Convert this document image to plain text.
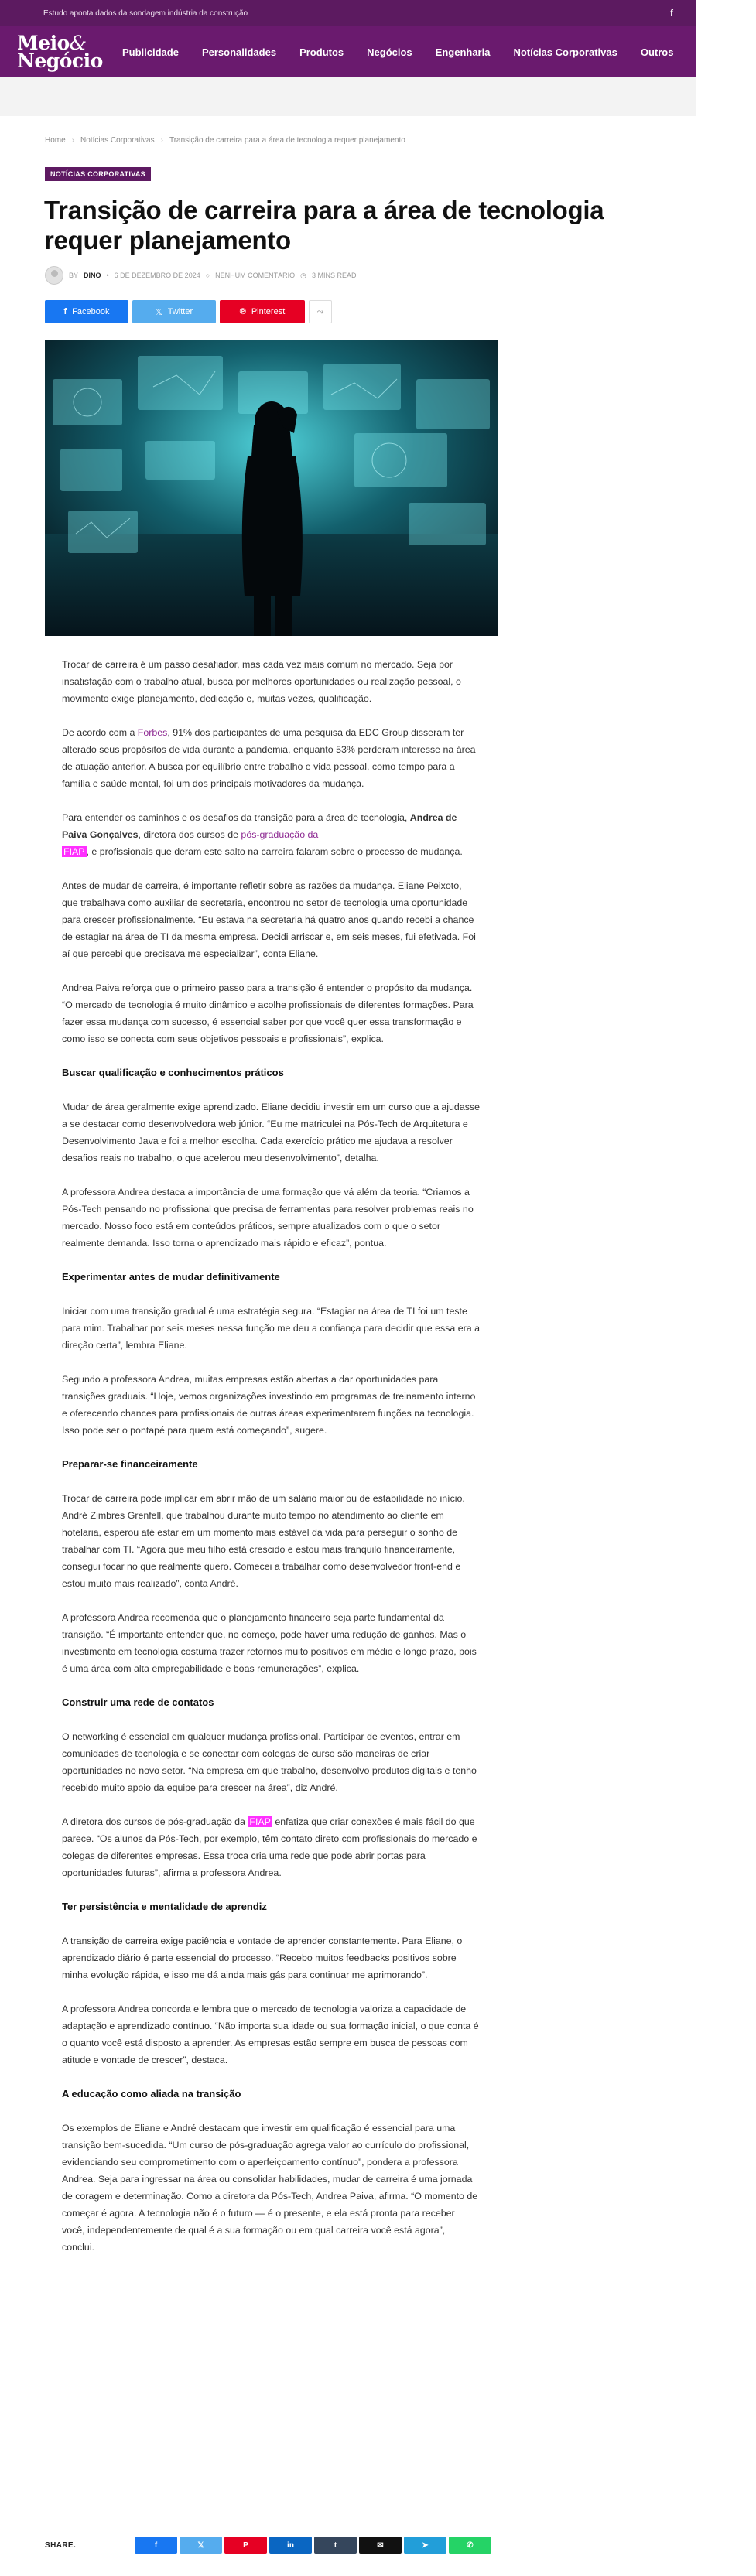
Estudo aponta dados da sondagem indústria da construção	f
Meio&
Negócio Publicidade Personalidades Produtos Negócios Engenharia Notícias Corporativas Outros Últimas
Home › Notícias Corporativas › Transição de carreira para a área de tecnologia requer planejamento
NOTÍCIAS CORPORATIVAS
Transição de carreira para a área de tecnologia requer planejamento
BY DINO • 6 DE DEZEMBRO DE 2024 ○ NENHUM COMENTÁRIO ◷ 3 MINS READ
f Facebook	𝕏 Twitter	℗ Pinterest	⤳

Trocar de carreira é um passo desafiador, mas cada vez mais comum no mercado. Seja por insatisfação com o trabalho atual, busca por melhores oportunidades ou realização pessoal, o movimento exige planejamento, dedicação e, muitas vezes, qualificação.

De acordo com a Forbes, 91% dos participantes de uma pesquisa da EDC Group disseram ter alterado seus propósitos de vida durante a pandemia, enquanto 53% perderam interesse na área de atuação anterior. A busca por equilíbrio entre trabalho e vida pessoal, como tempo para a família e saúde mental, foi um dos principais motivadores da mudança.

Para entender os caminhos e os desafios da transição para a área de tecnologia, Andrea de Paiva Gonçalves, diretora dos cursos de pós-graduação da
FIAP , e profissionais que deram este salto na carreira falaram sobre o processo de mudança.

Antes de mudar de carreira, é importante refletir sobre as razões da mudança. Eliane Peixoto, que trabalhava como auxiliar de secretaria, encontrou no setor de tecnologia uma oportunidade para crescer profissionalmente. “Eu estava na secretaria há quatro anos quando recebi a chance de estagiar na área de TI da mesma empresa. Decidi arriscar e, em seis meses, fui efetivada. Foi aí que percebi que precisava me especializar”, conta Eliane.

Andrea Paiva reforça que o primeiro passo para a transição é entender o propósito da mudança. “O mercado de tecnologia é muito dinâmico e acolhe profissionais de diferentes formações. Para fazer essa mudança com sucesso, é essencial saber por que você quer essa transformação e como isso se conecta com seus objetivos pessoais e profissionais”, explica.

Buscar qualificação e conhecimentos práticos

Mudar de área geralmente exige aprendizado. Eliane decidiu investir em um curso que a ajudasse a se destacar como desenvolvedora web júnior. “Eu me matriculei na Pós-Tech de Arquitetura e Desenvolvimento Java e foi a melhor escolha. Cada exercício prático me ajudava a resolver desafios reais no trabalho, o que acelerou meu desenvolvimento”, detalha.

A professora Andrea destaca a importância de uma formação que vá além da teoria. “Criamos a Pós-Tech pensando no profissional que precisa de ferramentas para resolver problemas reais no mercado. Nosso foco está em conteúdos práticos, sempre atualizados com o que o setor realmente demanda. Isso torna o aprendizado mais rápido e eficaz”, pontua.

Experimentar antes de mudar definitivamente

Iniciar com uma transição gradual é uma estratégia segura. “Estagiar na área de TI foi um teste para mim. Trabalhar por seis meses nessa função me deu a confiança para decidir que essa era a direção certa”, lembra Eliane.

Segundo a professora Andrea, muitas empresas estão abertas a dar oportunidades para transições graduais. “Hoje, vemos organizações investindo em programas de treinamento interno e oferecendo chances para profissionais de outras áreas experimentarem funções na tecnologia. Isso pode ser o pontapé para quem está começando”, sugere.

Preparar-se financeiramente

Trocar de carreira pode implicar em abrir mão de um salário maior ou de estabilidade no início. André Zimbres Grenfell, que trabalhou durante muito tempo no atendimento ao cliente em hotelaria, esperou até estar em um momento mais estável da vida para perseguir o sonho de trabalhar com TI. “Agora que meu filho está crescido e estou mais tranquilo financeiramente, consegui focar no que realmente quero. Comecei a trabalhar como desenvolvedor front-end e estou muito mais realizado”, conta André.

A professora Andrea recomenda que o planejamento financeiro seja parte fundamental da transição. “É importante entender que, no começo, pode haver uma redução de ganhos. Mas o investimento em tecnologia costuma trazer retornos muito positivos em médio e longo prazo, pois é uma área com alta empregabilidade e boas remunerações”, explica.

Construir uma rede de contatos

O networking é essencial em qualquer mudança profissional. Participar de eventos, entrar em comunidades de tecnologia e se conectar com colegas de curso são maneiras de criar oportunidades no novo setor. “Na empresa em que trabalho, desenvolvo produtos digitais e tenho recebido muito apoio da equipe para crescer na área”, diz André.

A diretora dos cursos de pós-graduação da FIAP enfatiza que criar conexões é mais fácil do que parece. “Os alunos da Pós-Tech, por exemplo, têm contato direto com profissionais do mercado e colegas de diferentes empresas. Essa troca cria uma rede que pode abrir portas para oportunidades futuras”, afirma a professora Andrea.

Ter persistência e mentalidade de aprendiz

A transição de carreira exige paciência e vontade de aprender constantemente. Para Eliane, o aprendizado diário é parte essencial do processo. “Recebo muitos feedbacks positivos sobre minha evolução rápida, e isso me dá ainda mais gás para continuar me aprimorando”.

A professora Andrea concorda e lembra que o mercado de tecnologia valoriza a capacidade de adaptação e aprendizado contínuo. “Não importa sua idade ou sua formação inicial, o que conta é o quanto você está disposto a aprender. As empresas estão sempre em busca de pessoas com atitude e vontade de crescer”, destaca.

A educação como aliada na transição

Os exemplos de Eliane e André destacam que investir em qualificação é essencial para uma transição bem-sucedida. “Um curso de pós-graduação agrega valor ao currículo do profissional, evidenciando seu comprometimento com o aperfeiçoamento contínuo”, pondera a professora Andrea. Seja para ingressar na área ou consolidar habilidades, mudar de carreira é uma jornada de coragem e determinação. Como a diretora da Pós-Tech, Andrea Paiva, afirma. “O momento de começar é agora. A tecnologia não é o futuro — é o presente, e ela está pronta para receber você, independentemente de qual é a sua formação ou em qual carreira você está agora”, conclui.

SHARE.	f	𝕏	P	in	t	✉	➤	✆
